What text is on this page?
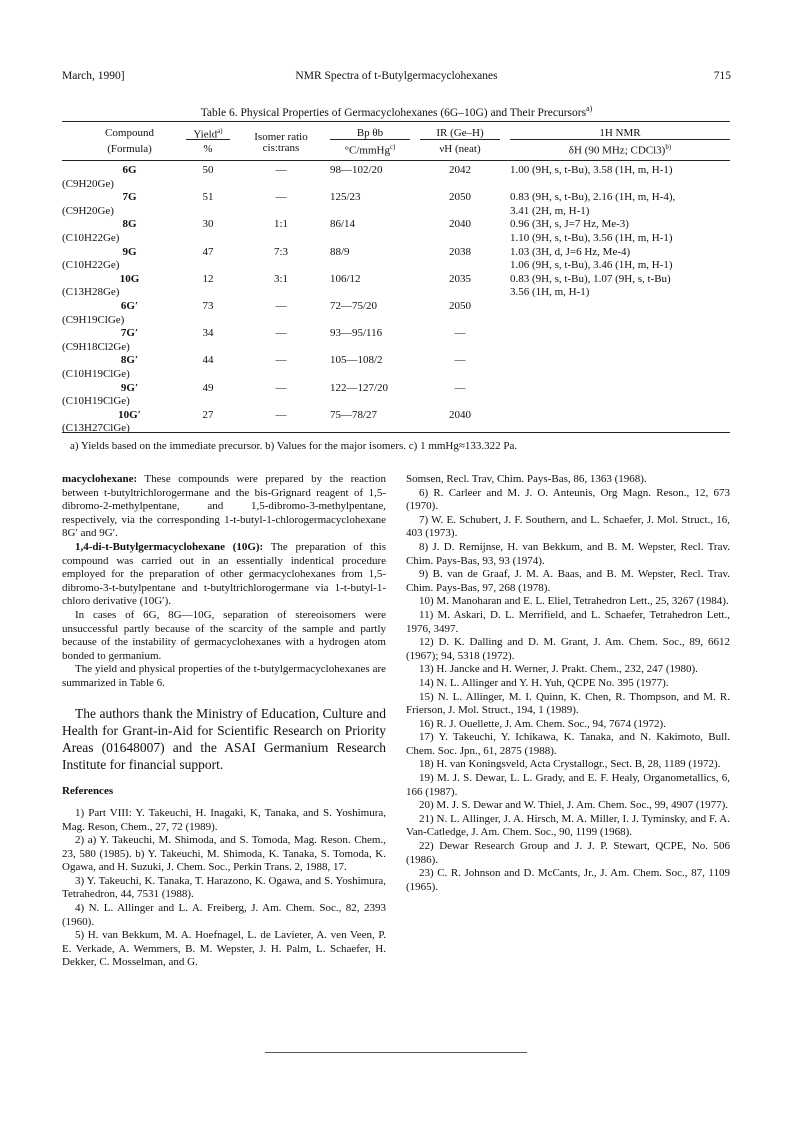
March, 1990]	NMR Spectra of t-Butylgermacyclohexanes	715
Table 6. Physical Properties of Germacyclohexanes (6G–10G) and Their Precursors$^{a)}$
Compound	Yield$^{a)}$	Isomer ratio	Bp θb	IR (Ge–H)	1H NMR
(Formula)	%	cis:trans	°C/mmHg$^{c)}$	νH (neat)	δH (90 MHz; CDCl3)$^{b)}$
6G	50	—	98—102/20	2042	1.00 (9H, s, t-Bu), 3.58 (1H, m, H-1)
(C9H20Ge)
7G	51	—	125/23	2050	0.83 (9H, s, t-Bu), 2.16 (1H, m, H-4),
(C9H20Ge)	3.41 (2H, m, H-1)
8G	30	1:1	86/14	2040	0.96 (3H, s, J=7 Hz, Me-3)
(C10H22Ge)	1.10 (9H, s, t-Bu), 3.56 (1H, m, H-1)
9G	47	7:3	88/9	2038	1.03 (3H, d, J=6 Hz, Me-4)
(C10H22Ge)	1.06 (9H, s, t-Bu), 3.46 (1H, m, H-1)
10G	12	3:1	106/12	2035	0.83 (9H, s, t-Bu), 1.07 (9H, s, t-Bu)
(C13H28Ge)	3.56 (1H, m, H-1)
6G′	73	—	72—75/20	2050
(C9H19ClGe)
7G′	34	—	93—95/116	—
(C9H18Cl2Ge)
8G′	44	—	105—108/2	—
(C10H19ClGe)
9G′	49	—	122—127/20	—
(C10H19ClGe)
10G′	27	—	75—78/27	2040
(C13H27ClGe)
a) Yields based on the immediate precursor. b) Values for the major isomers. c) 1 mmHg≈133.322 Pa.

macyclohexane: These compounds were prepared by the reaction between t-butyltrichlorogermane and the bis-Grignard reagent of 1,5-dibromo-2-methylpentane, and 1,5-dibromo-3-methylpentane, respectively, via the corresponding 1-t-butyl-1-chlorogermacyclohexane 8G′ and 9G′.

1,4-di-t-Butylgermacyclohexane (10G): The preparation of this compound was carried out in an essentially indentical procedure employed for the preparation of other germacyclohexanes from 1,5-dibromo-3-t-butylpentane and t-butyltrichlorogermane via 1-t-butyl-1-chloro derivative (10G′).

In cases of 6G, 8G—10G, separation of stereoisomers were unsuccessful partly because of the scarcity of the sample and partly because of the instability of germacyclohexanes with a hydrogen atom bonded to germanium.

The yield and physical properties of the t-butylgermacyclohexanes are summarized in Table 6.

The authors thank the Ministry of Education, Culture and Health for Grant-in-Aid for Scientific Research on Priority Areas (01648007) and the ASAI Germanium Research Institute for financial support.

References

1) Part VIII: Y. Takeuchi, H. Inagaki, K, Tanaka, and S. Yoshimura, Mag. Reson, Chem., 27, 72 (1989).

2) a) Y. Takeuchi, M. Shimoda, and S. Tomoda, Mag. Reson. Chem., 23, 580 (1985). b) Y. Takeuchi, M. Shimoda, K. Tanaka, S. Tomoda, K. Ogawa, and H. Suzuki, J. Chem. Soc., Perkin Trans. 2, 1988, 17.

3) Y. Takeuchi, K. Tanaka, T. Harazono, K. Ogawa, and S. Yoshimura, Tetrahedron, 44, 7531 (1988).

4) N. L. Allinger and L. A. Freiberg, J. Am. Chem. Soc., 82, 2393 (1960).

5) H. van Bekkum, M. A. Hoefnagel, L. de Lavieter, A. ven Veen, P. E. Verkade, A. Wemmers, B. M. Wepster, J. H. Palm, L. Schaefer, H. Dekker, C. Mosselman, and G.

Somsen, Recl. Trav, Chim. Pays-Bas, 86, 1363 (1968).

6) R. Carleer and M. J. O. Anteunis, Org Magn. Reson., 12, 673 (1970).

7) W. E. Schubert, J. F. Southern, and L. Schaefer, J. Mol. Struct., 16, 403 (1973).

8) J. D. Remijnse, H. van Bekkum, and B. M. Wepster, Recl. Trav. Chim. Pays-Bas, 93, 93 (1974).

9) B. van de Graaf, J. M. A. Baas, and B. M. Wepster, Recl. Trav. Chim. Pays-Bas, 97, 268 (1978).

10) M. Manoharan and E. L. Eliel, Tetrahedron Lett., 25, 3267 (1984).

11) M. Askari, D. L. Merrifield, and L. Schaefer, Tetrahedron Lett., 1976, 3497.

12) D. K. Dalling and D. M. Grant, J. Am. Chem. Soc., 89, 6612 (1967); 94, 5318 (1972).

13) H. Jancke and H. Werner, J. Prakt. Chem., 232, 247 (1980).

14) N. L. Allinger and Y. H. Yuh, QCPE No. 395 (1977).

15) N. L. Allinger, M. I. Quinn, K. Chen, R. Thompson, and M. R. Frierson, J. Mol. Struct., 194, 1 (1989).

16) R. J. Ouellette, J. Am. Chem. Soc., 94, 7674 (1972).

17) Y. Takeuchi, Y. Ichikawa, K. Tanaka, and N. Kakimoto, Bull. Chem. Soc. Jpn., 61, 2875 (1988).

18) H. van Koningsveld, Acta Crystallogr., Sect. B, 28, 1189 (1972).

19) M. J. S. Dewar, L. L. Grady, and E. F. Healy, Organometallics, 6, 166 (1987).

20) M. J. S. Dewar and W. Thiel, J. Am. Chem. Soc., 99, 4907 (1977).

21) N. L. Allinger, J. A. Hirsch, M. A. Miller, I. J. Tyminsky, and F. A. Van-Catledge, J. Am. Chem. Soc., 90, 1199 (1968).

22) Dewar Research Group and J. J. P. Stewart, QCPE, No. 506 (1986).

23) C. R. Johnson and D. McCants, Jr., J. Am. Chem. Soc., 87, 1109 (1965).
